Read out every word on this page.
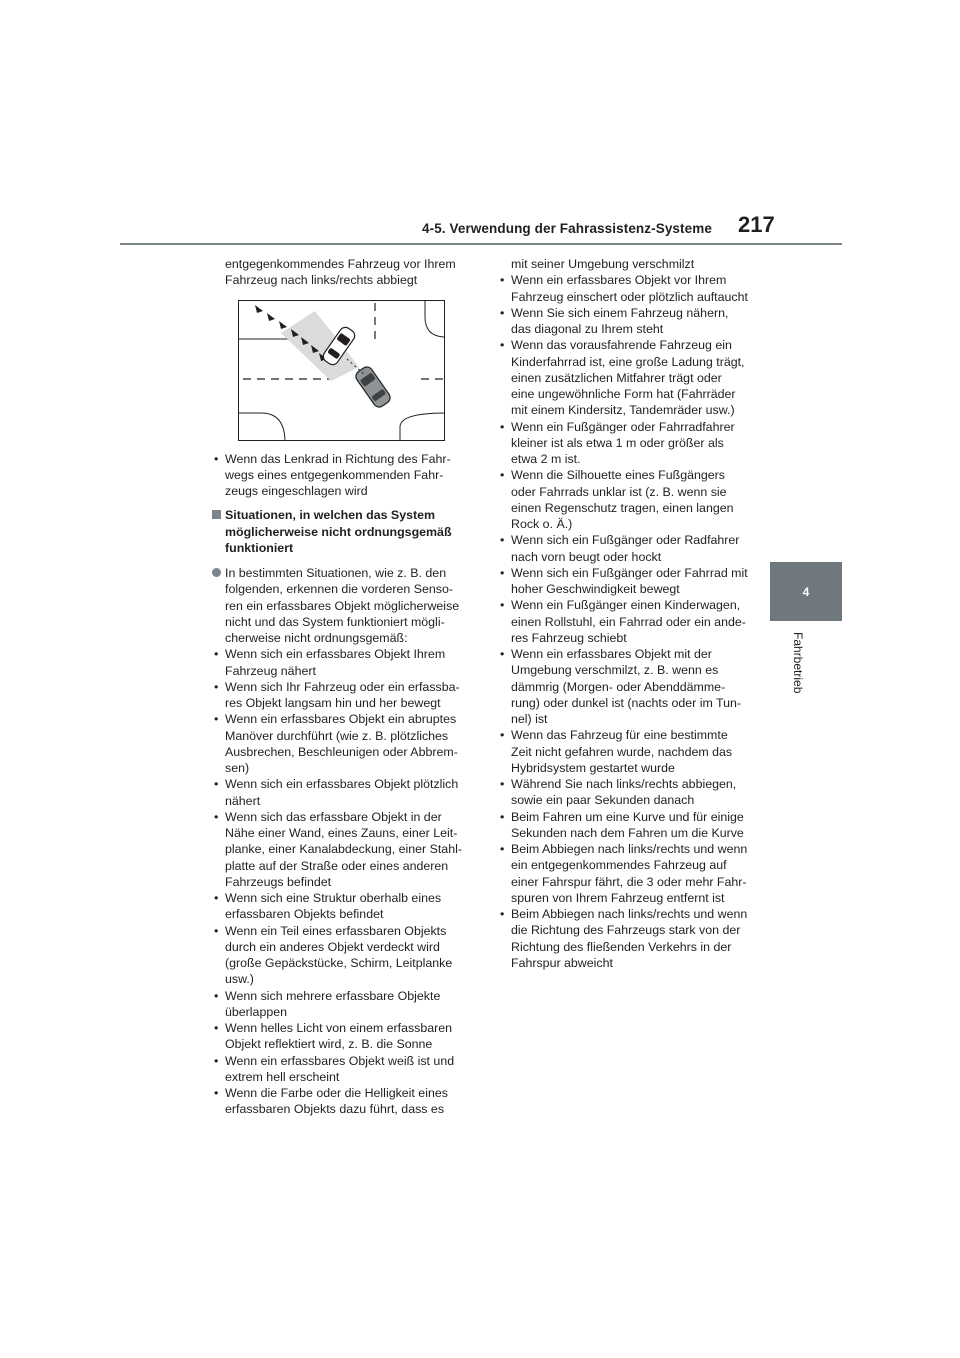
4-5. Verwendung der Fahrassistenz-Systeme 217
4
Fahrbetrieb
entgegenkommendes Fahrzeug vor Ihrem Fahrzeug nach links/rechts abbiegt
• Wenn das Lenkrad in Richtung des Fahrwegs eines entgegenkommenden Fahrzeugs eingeschlagen wird
Situationen, in welchen das System möglicherweise nicht ordnungsgemäß funktioniert
In bestimmten Situationen, wie z. B. den folgenden, erkennen die vorderen Sensoren ein erfassbares Objekt möglicherweise nicht und das System funktioniert möglicherweise nicht ordnungsgemäß:
• Wenn sich ein erfassbares Objekt Ihrem Fahrzeug nähert
• Wenn sich Ihr Fahrzeug oder ein erfassbares Objekt langsam hin und her bewegt
• Wenn ein erfassbares Objekt ein abruptes Manöver durchführt (wie z. B. plötzliches Ausbrechen, Beschleunigen oder Abbremsen)
• Wenn sich ein erfassbares Objekt plötzlich nähert
• Wenn sich das erfassbare Objekt in der Nähe einer Wand, eines Zauns, einer Leitplanke, einer Kanalabdeckung, einer Stahlplatte auf der Straße oder eines anderen Fahrzeugs befindet
• Wenn sich eine Struktur oberhalb eines erfassbaren Objekts befindet
• Wenn ein Teil eines erfassbaren Objekts durch ein anderes Objekt verdeckt wird (große Gepäckstücke, Schirm, Leitplanke usw.)
• Wenn sich mehrere erfassbare Objekte überlappen
• Wenn helles Licht von einem erfassbaren Objekt reflektiert wird, z. B. die Sonne
• Wenn ein erfassbares Objekt weiß ist und extrem hell erscheint
• Wenn die Farbe oder die Helligkeit eines erfassbaren Objekts dazu führt, dass es
mit seiner Umgebung verschmilzt
• Wenn ein erfassbares Objekt vor Ihrem Fahrzeug einschert oder plötzlich auftaucht
• Wenn Sie sich einem Fahrzeug nähern, das diagonal zu Ihrem steht
• Wenn das vorausfahrende Fahrzeug ein Kinderfahrrad ist, eine große Ladung trägt, einen zusätzlichen Mitfahrer trägt oder eine ungewöhnliche Form hat (Fahrräder mit einem Kindersitz, Tandemräder usw.)
• Wenn ein Fußgänger oder Fahrradfahrer kleiner ist als etwa 1 m oder größer als etwa 2 m ist.
• Wenn die Silhouette eines Fußgängers oder Fahrrads unklar ist (z. B. wenn sie einen Regenschutz tragen, einen langen Rock o. Ä.)
• Wenn sich ein Fußgänger oder Radfahrer nach vorn beugt oder hockt
• Wenn sich ein Fußgänger oder Fahrrad mit hoher Geschwindigkeit bewegt
• Wenn ein Fußgänger einen Kinderwagen, einen Rollstuhl, ein Fahrrad oder ein anderes Fahrzeug schiebt
• Wenn ein erfassbares Objekt mit der Umgebung verschmilzt, z. B. wenn es dämmrig (Morgen- oder Abenddämmerung) oder dunkel ist (nachts oder im Tunnel) ist
• Wenn das Fahrzeug für eine bestimmte Zeit nicht gefahren wurde, nachdem das Hybridsystem gestartet wurde
• Während Sie nach links/rechts abbiegen, sowie ein paar Sekunden danach
• Beim Fahren um eine Kurve und für einige Sekunden nach dem Fahren um die Kurve
• Beim Abbiegen nach links/rechts und wenn ein entgegenkommendes Fahrzeug auf einer Fahrspur fährt, die 3 oder mehr Fahrspuren von Ihrem Fahrzeug entfernt ist
• Beim Abbiegen nach links/rechts und wenn die Richtung des Fahrzeugs stark von der Richtung des fließenden Verkehrs in der Fahrspur abweicht
